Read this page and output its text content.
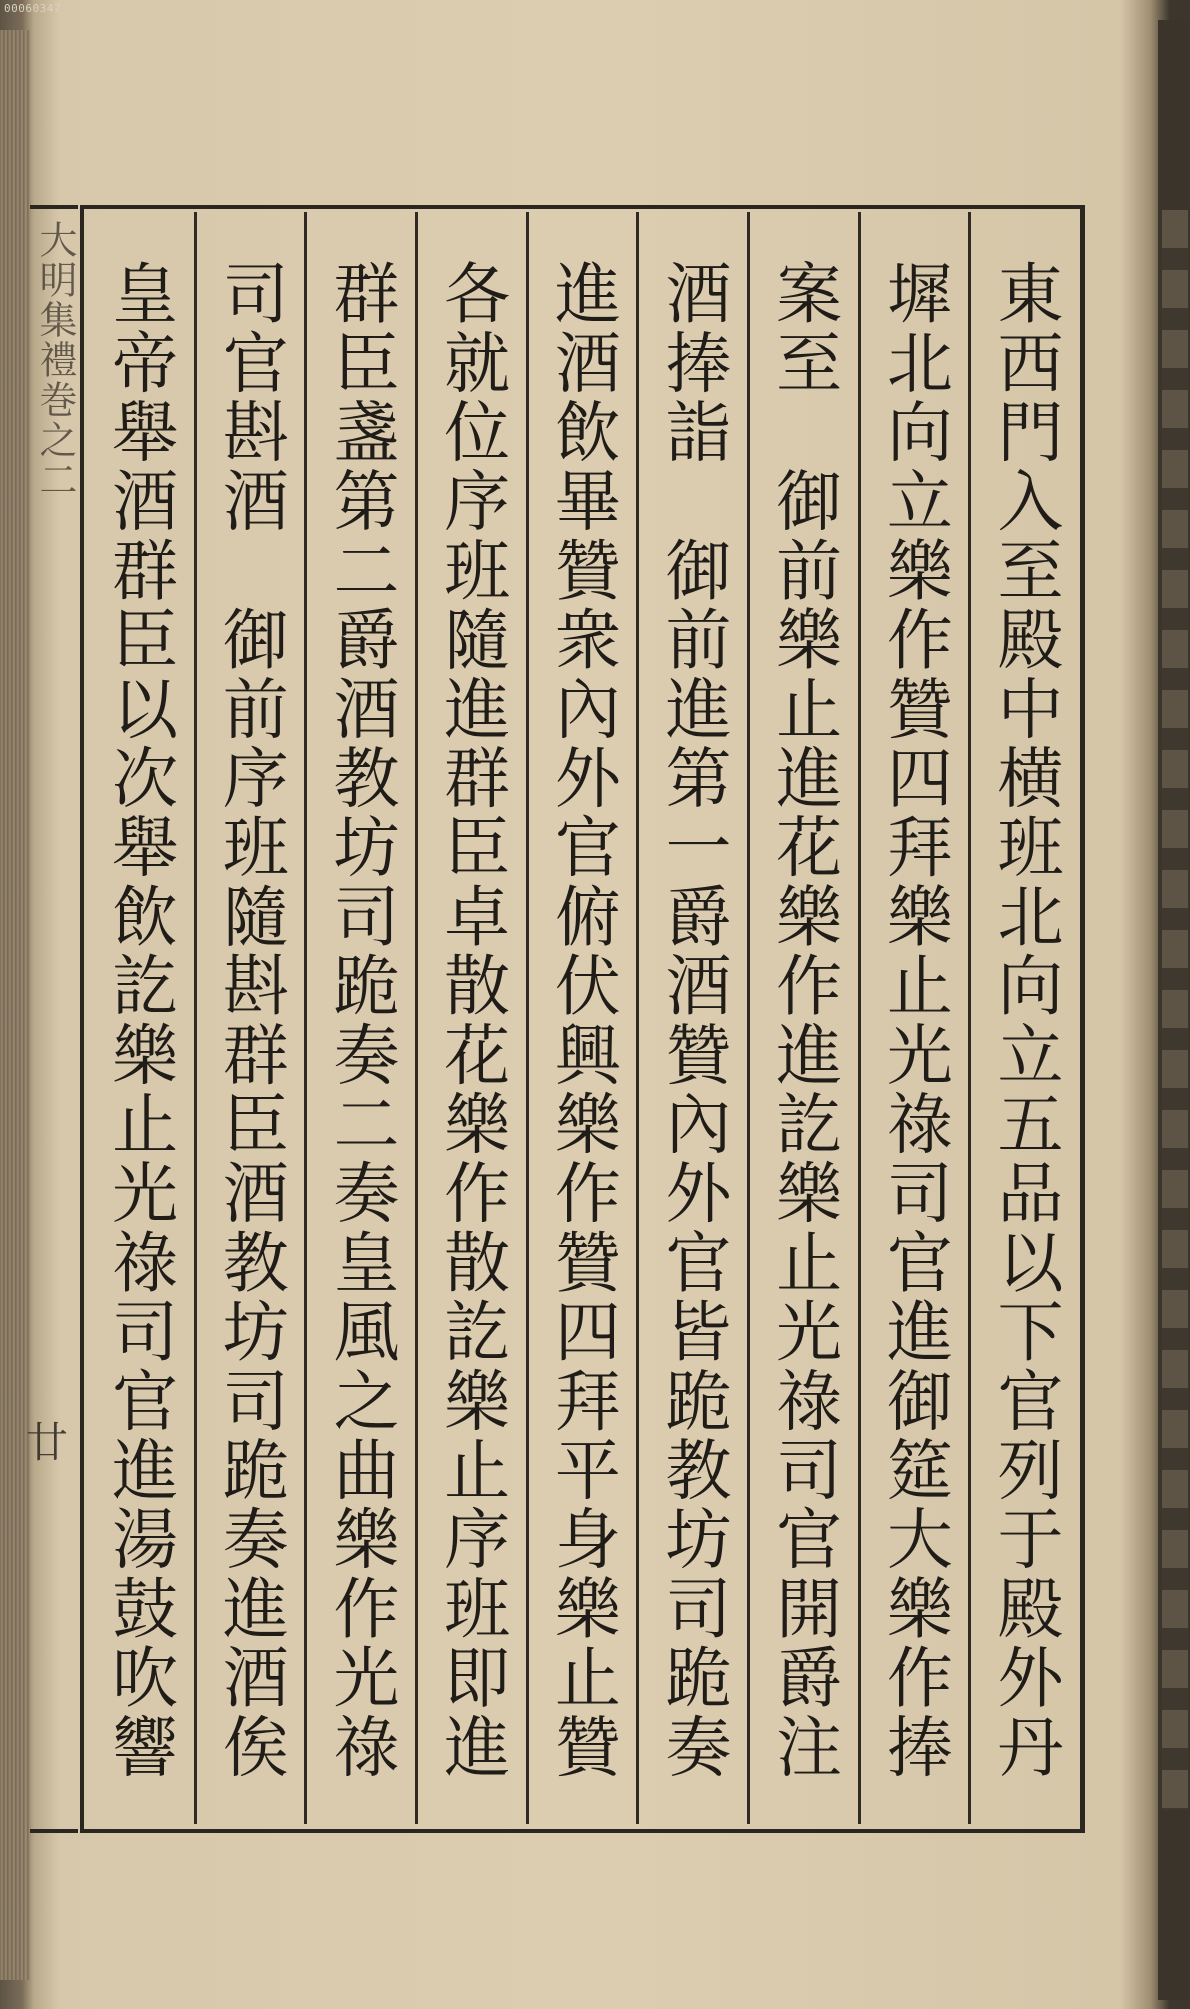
00060347
大明集禮巻之二
廿	東西門入至殿中横班北向立五品以下官列于殿外丹
墀北向立樂作贊四拜樂止光祿司官進御筵大樂作捧
案至　御前樂止進花樂作進訖樂止光祿司官開爵注
酒捧詣　御前進第一爵酒贊內外官皆跪教坊司跪奏
進酒飲畢贊衆內外官俯伏興樂作贊四拜平身樂止贊
各就位序班隨進群臣卓散花樂作散訖樂止序班即進
群臣盞第二爵酒教坊司跪奏二奏皇風之曲樂作光祿
司官斟酒　御前序班隨斟群臣酒教坊司跪奏進酒俟
皇帝舉酒群臣以次舉飲訖樂止光祿司官進湯鼓吹響
